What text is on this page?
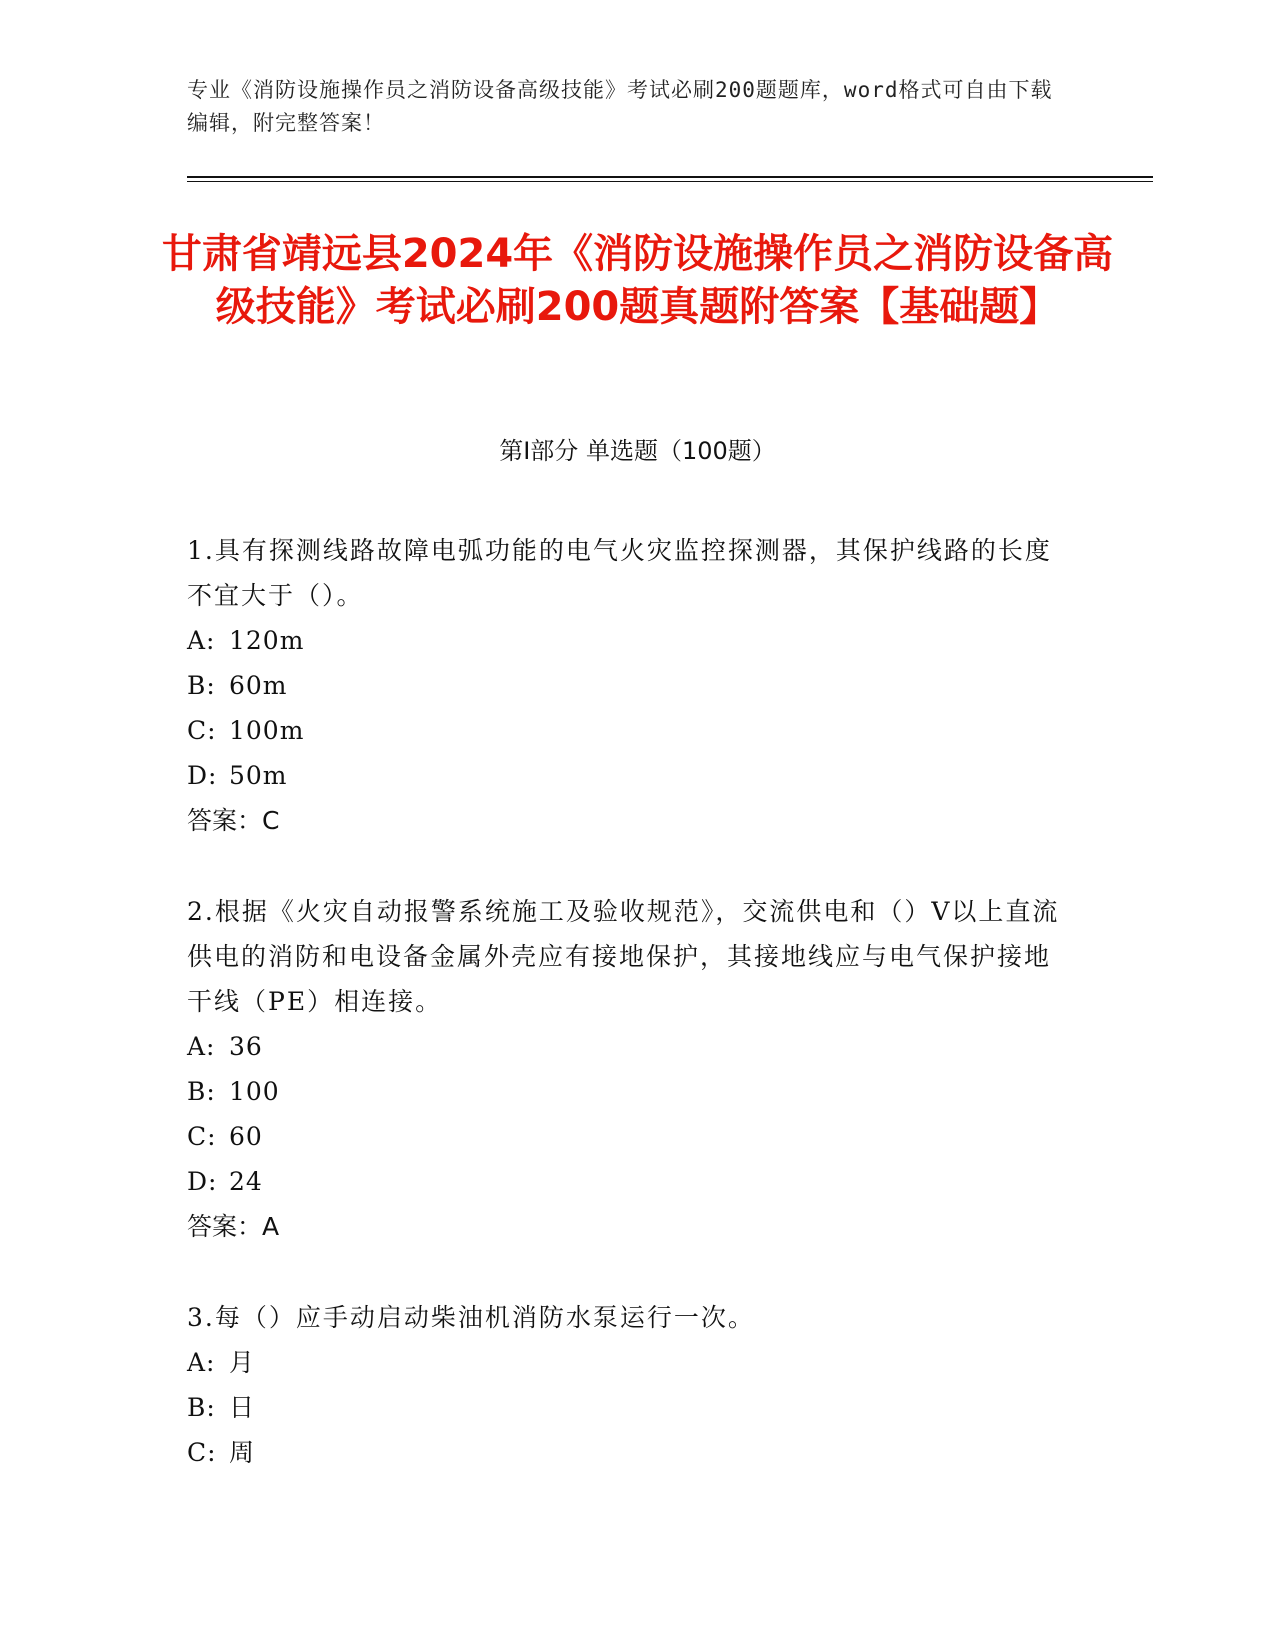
专业《消防设施操作员之消防设备高级技能》考试必刷200题题库，word格式可自由下载编辑，附完整答案！
甘肃省靖远县2024年《消防设施操作员之消防设备高级技能》考试必刷200题真题附答案【基础题】
第Ⅰ部分 单选题（100题）
1.具有探测线路故障电弧功能的电气火灾监控探测器，其保护线路的长度不宜大于（）。
A: 120m
B: 60m
C: 100m
D: 50m
答案：C
2.根据《火灾自动报警系统施工及验收规范》，交流供电和（）V以上直流供电的消防和电设备金属外壳应有接地保护，其接地线应与电气保护接地干线（PE）相连接。
A: 36
B: 100
C: 60
D: 24
答案：A
3.每（）应手动启动柴油机消防水泵运行一次。
A: 月
B: 日
C: 周
